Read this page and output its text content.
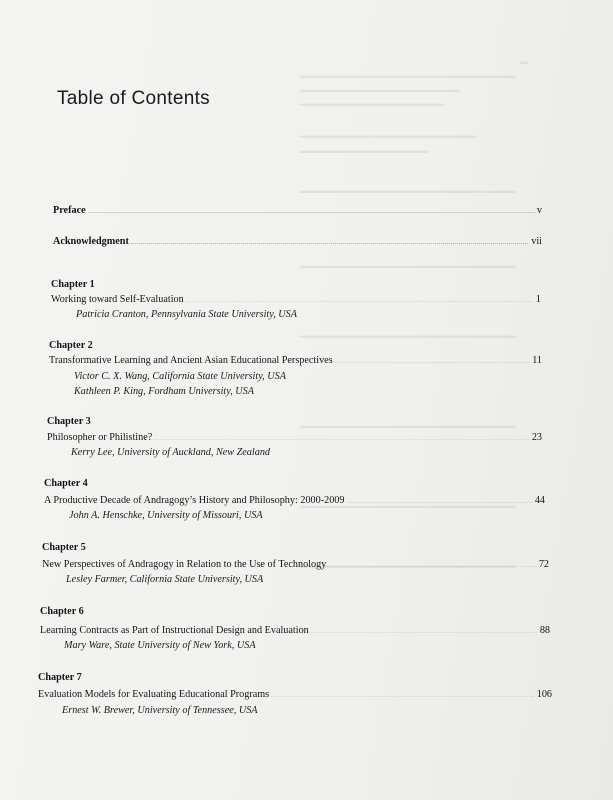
▬
▬▬▬▬▬▬▬▬▬▬▬▬▬▬▬▬▬▬▬▬▬▬▬▬▬▬▬
▬▬▬▬▬▬▬▬▬▬▬▬▬▬▬▬▬▬▬▬
▬▬▬▬▬▬▬▬▬▬▬▬▬▬▬▬▬▬
▬▬▬▬▬▬▬▬▬▬▬▬▬▬▬▬▬▬▬▬▬▬
▬▬▬▬▬▬▬▬▬▬▬▬▬▬▬▬
▬▬▬▬▬▬▬▬▬▬▬▬▬▬▬▬▬▬▬▬▬▬▬▬▬▬▬
▬▬▬▬▬▬▬▬▬▬▬▬▬▬▬▬▬▬▬▬▬▬▬▬▬▬▬
▬▬▬▬▬▬▬▬▬▬▬▬▬▬▬▬▬▬▬▬▬▬▬▬▬▬▬
▬▬▬▬▬▬▬▬▬▬▬▬▬▬▬▬▬▬▬▬▬▬▬▬▬▬▬
▬▬▬▬▬▬▬▬▬▬▬▬▬▬▬▬▬▬▬▬▬▬▬▬▬▬▬
▬▬▬▬▬▬▬▬▬▬▬▬▬▬▬▬▬▬▬▬▬▬▬▬▬▬▬
Table of Contents
Preface . . .	v
Acknowledgment . . .	vii
Chapter 1
Working toward Self-Evaluation . . .	1
Patricia Cranton, Pennsylvania State University, USA
Chapter 2
Transformative Learning and Ancient Asian Educational Perspectives . . .	11
Victor C. X. Wang, California State University, USA
Kathleen P. King, Fordham University, USA
Chapter 3
Philosopher or Philistine? . . .	23
Kerry Lee, University of Auckland, New Zealand
Chapter 4
A Productive Decade of Andragogy’s History and Philosophy: 2000-2009 . . .	44
John A. Henschke, University of Missouri, USA
Chapter 5
New Perspectives of Andragogy in Relation to the Use of Technology . . .	72
Lesley Farmer, California State University, USA
Chapter 6
Learning Contracts as Part of Instructional Design and Evaluation . . .	88
Mary Ware, State University of New York, USA
Chapter 7
Evaluation Models for Evaluating Educational Programs . . .	106
Ernest W. Brewer, University of Tennessee, USA
